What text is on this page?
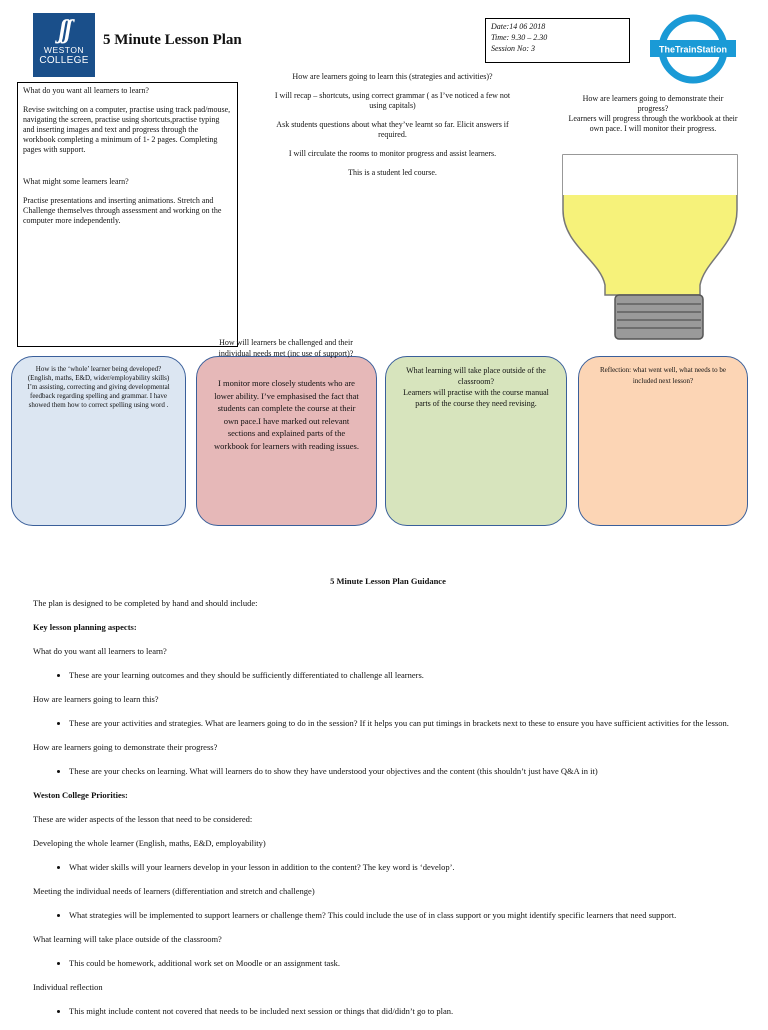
ʃʃ
WESTON
COLLEGE
5 Minute Lesson Plan
Date:14 06 2018
Time: 9.30 – 2.30
Session No: 3	TheTrainStation

What do you want all learners to learn?

Revise switching on a computer, practise using track pad/mouse, navigating the screen, practise using shortcuts,practise typing and inserting images and text and progress through the workbook completing a minimum of 1- 2 pages. Completing pages with support.

What might some learners learn?

Practise presentations and inserting animations. Stretch and Challenge themselves through assessment and working on the computer more independently.

How are learners going to learn this (strategies and activities)?

I will recap – shortcuts, using correct grammar ( as I’ve noticed a few not using capitals)

Ask students questions about what they’ve learnt so far. Elicit answers if required.

I will circulate the rooms to monitor progress and assist learners.

This is a student led course.

How are learners going to demonstrate their progress?
Learners will progress through the workbook at their own pace. I will monitor their progress.
How is the ‘whole’ learner being developed? (English, maths, E&D, wider/employability skills)
I’m assisting, correcting and giving developmental feedback regarding spelling and grammar. I have showed them how to correct spelling using word .
I monitor more closely students who are lower ability. I’ve emphasised the fact that students can complete the course at their own pace.I have marked out relevant sections and explained parts of the workbook for learners with reading issues.
How will learners be challenged and their individual needs met (inc use of support)?
What learning will take place outside of the classroom?
Learners will practise with the course manual parts of the course they need revising.
Reflection: what went well, what needs to be included next lesson?
5 Minute Lesson Plan Guidance

The plan is designed to be completed by hand and should include:

Key lesson planning aspects:

What do you want all learners to learn?

• These are your learning outcomes and they should be sufficiently differentiated to challenge all learners.

How are learners going to learn this?

• These are your activities and strategies. What are learners going to do in the session? If it helps you can put timings in brackets next to these to ensure you have sufficient activities for the lesson.

How are learners going to demonstrate their progress?

• These are your checks on learning. What will learners do to show they have understood your objectives and the content (this shouldn’t just have Q&A in it)

Weston College Priorities:

These are wider aspects of the lesson that need to be considered:

Developing the whole learner (English, maths, E&D, employability)

• What wider skills will your learners develop in your lesson in addition to the content? The key word is ‘develop’.

Meeting the individual needs of learners (differentiation and stretch and challenge)

• What strategies will be implemented to support learners or challenge them? This could include the use of in class support or you might identify specific learners that need support.

What learning will take place outside of the classroom?

• This could be homework, additional work set on Moodle or an assignment task.

Individual reflection

• This might include content not covered that needs to be included next session or things that did/didn’t go to plan.
